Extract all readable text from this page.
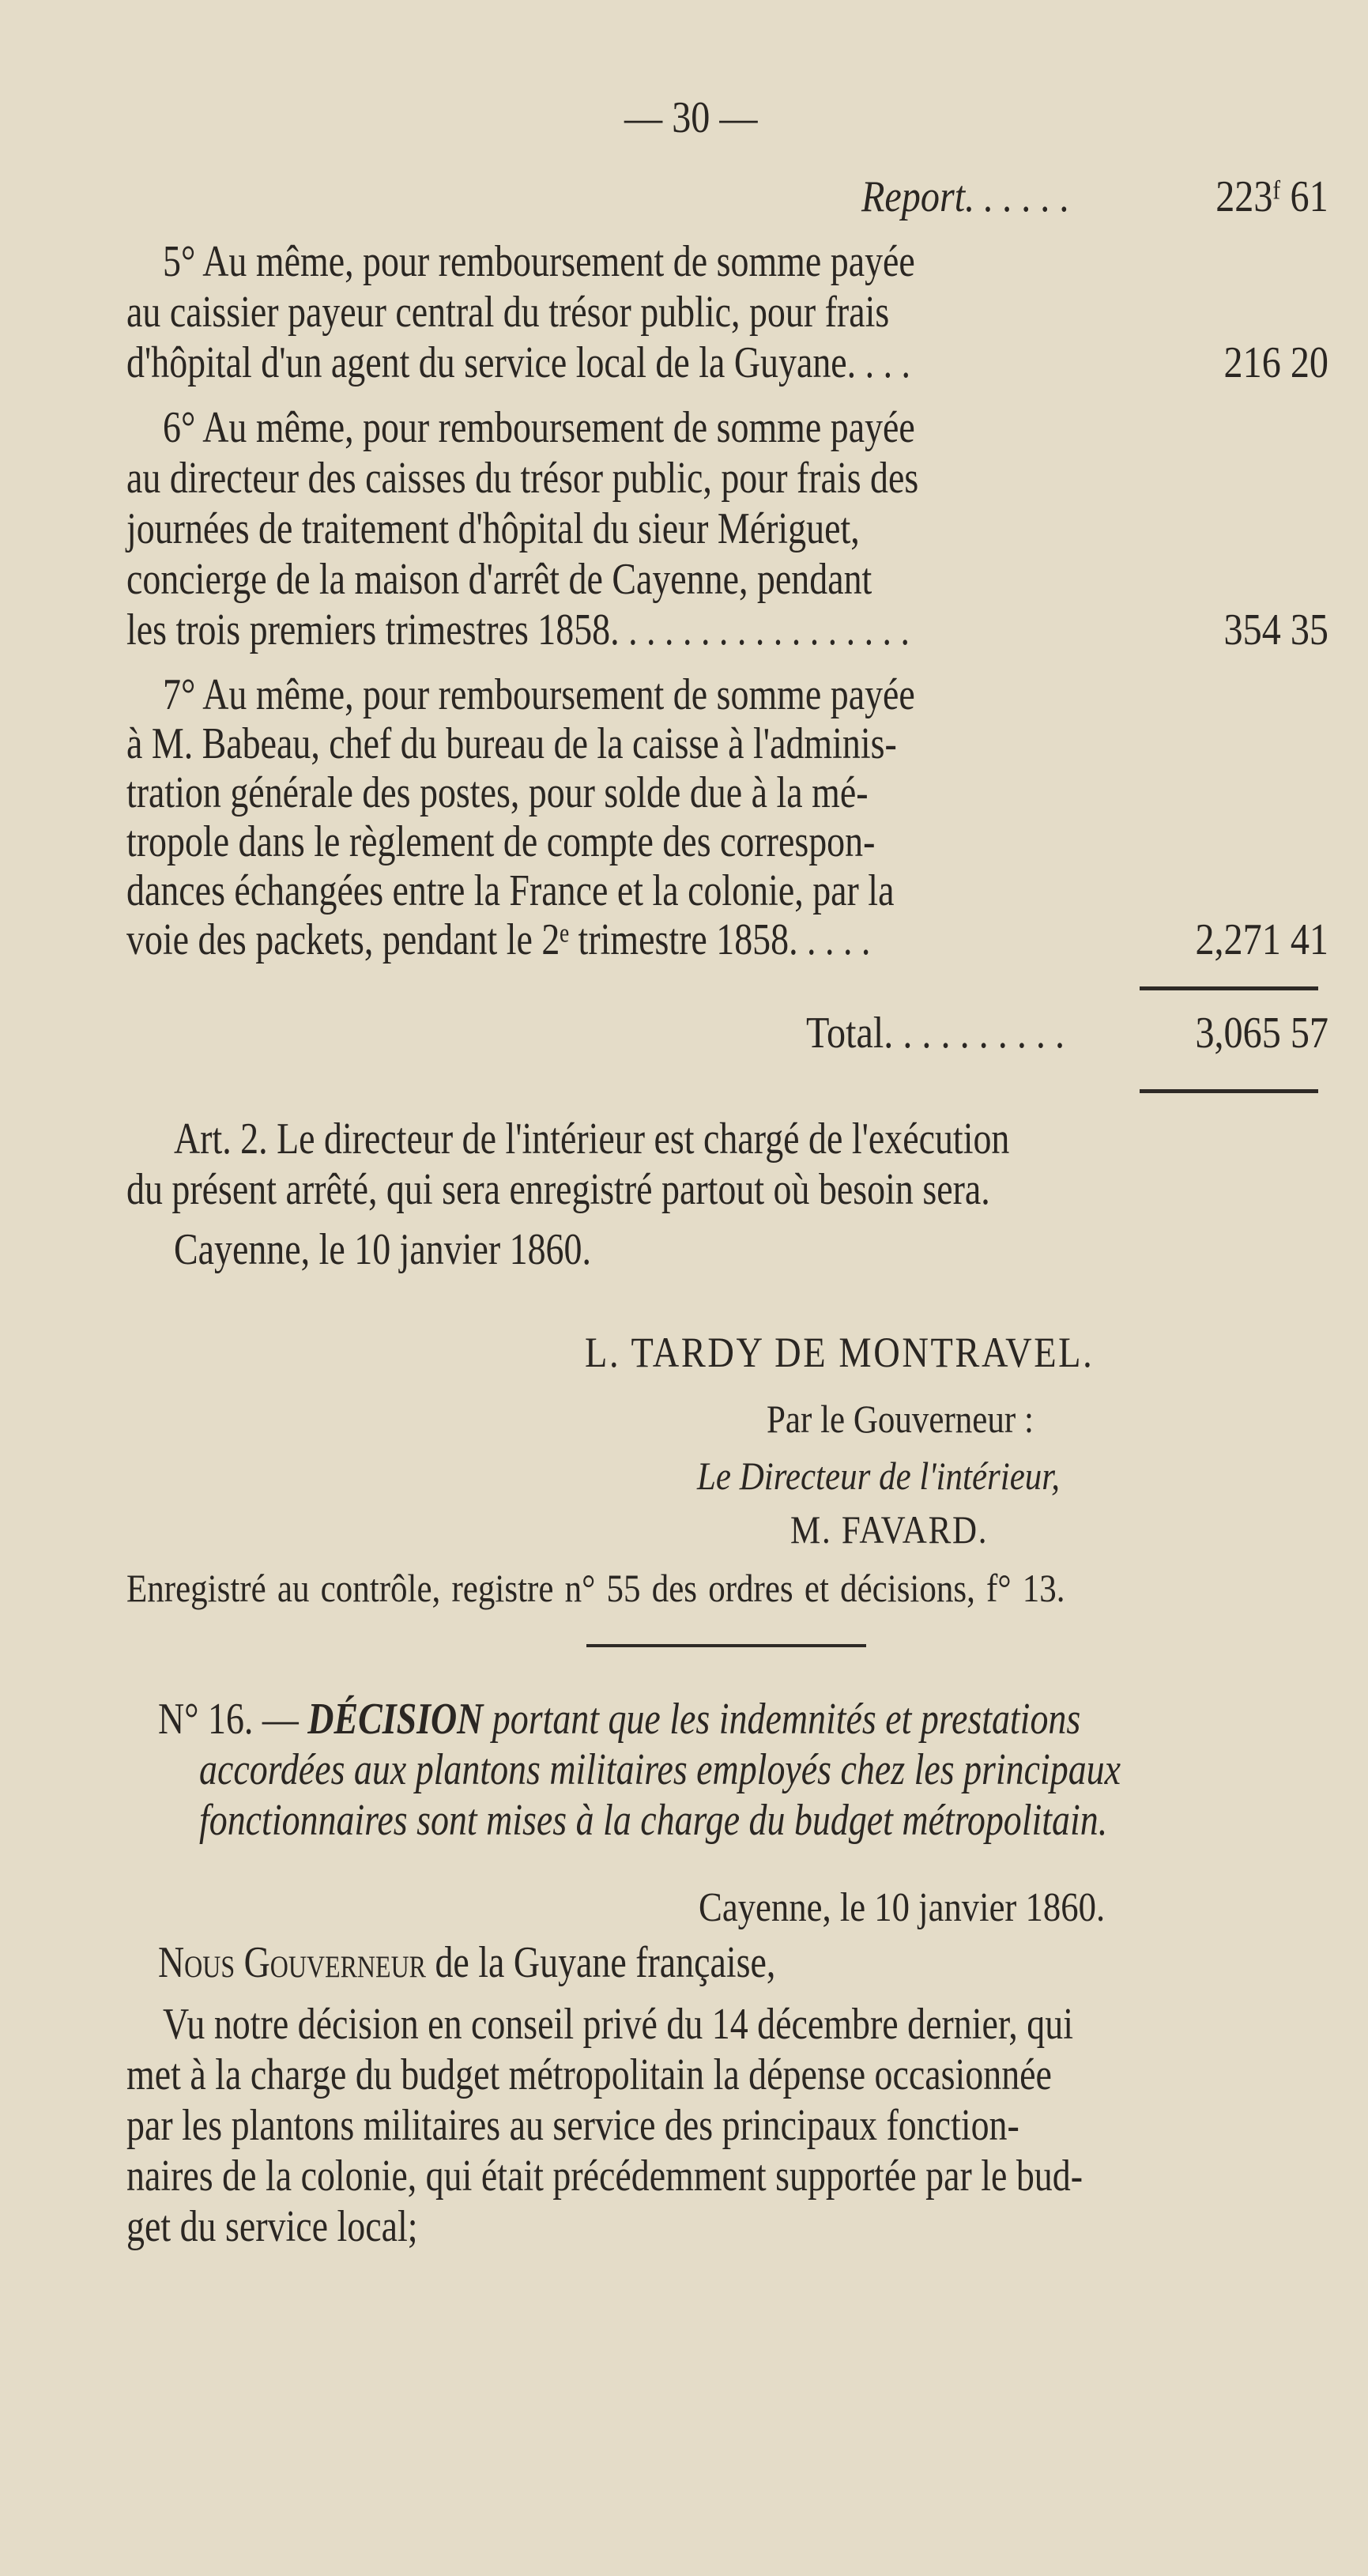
— 30 —
Report. . . . . .	223ᶠ 61
5° Au même, pour remboursement de somme payée
au caissier payeur central du trésor public, pour frais
d'hôpital d'un agent du service local de la Guyane. . . .	216 20
6° Au même, pour remboursement de somme payée
au directeur des caisses du trésor public, pour frais des
journées de traitement d'hôpital du sieur Mériguet,
concierge de la maison d'arrêt de Cayenne, pendant
les trois premiers trimestres 1858. . . . . . . . . . . . . . . . .	354 35
7° Au même, pour remboursement de somme payée
à M. Babeau, chef du bureau de la caisse à l'adminis-
tration générale des postes, pour solde due à la mé-
tropole dans le règlement de compte des correspon-
dances échangées entre la France et la colonie, par la
voie des packets, pendant le 2ᵉ trimestre 1858. . . . .	2,271 41
Total. . . . . . . . . .	3,065 57
Art. 2. Le directeur de l'intérieur est chargé de l'exécution
du présent arrêté, qui sera enregistré partout où besoin sera.
Cayenne, le 10 janvier 1860.
L. TARDY DE MONTRAVEL.
Par le Gouverneur :
Le Directeur de l'intérieur,
M. FAVARD.
Enregistré au contrôle, registre n° 55 des ordres et décisions, f° 13.
N° 16. — DÉCISION portant que les indemnités et prestations
accordées aux plantons militaires employés chez les principaux
fonctionnaires sont mises à la charge du budget métropolitain.
Cayenne, le 10 janvier 1860.
Nous Gouverneur de la Guyane française,
Vu notre décision en conseil privé du 14 décembre dernier, qui
met à la charge du budget métropolitain la dépense occasionnée
par les plantons militaires au service des principaux fonction-
naires de la colonie, qui était précédemment supportée par le bud-
get du service local;
